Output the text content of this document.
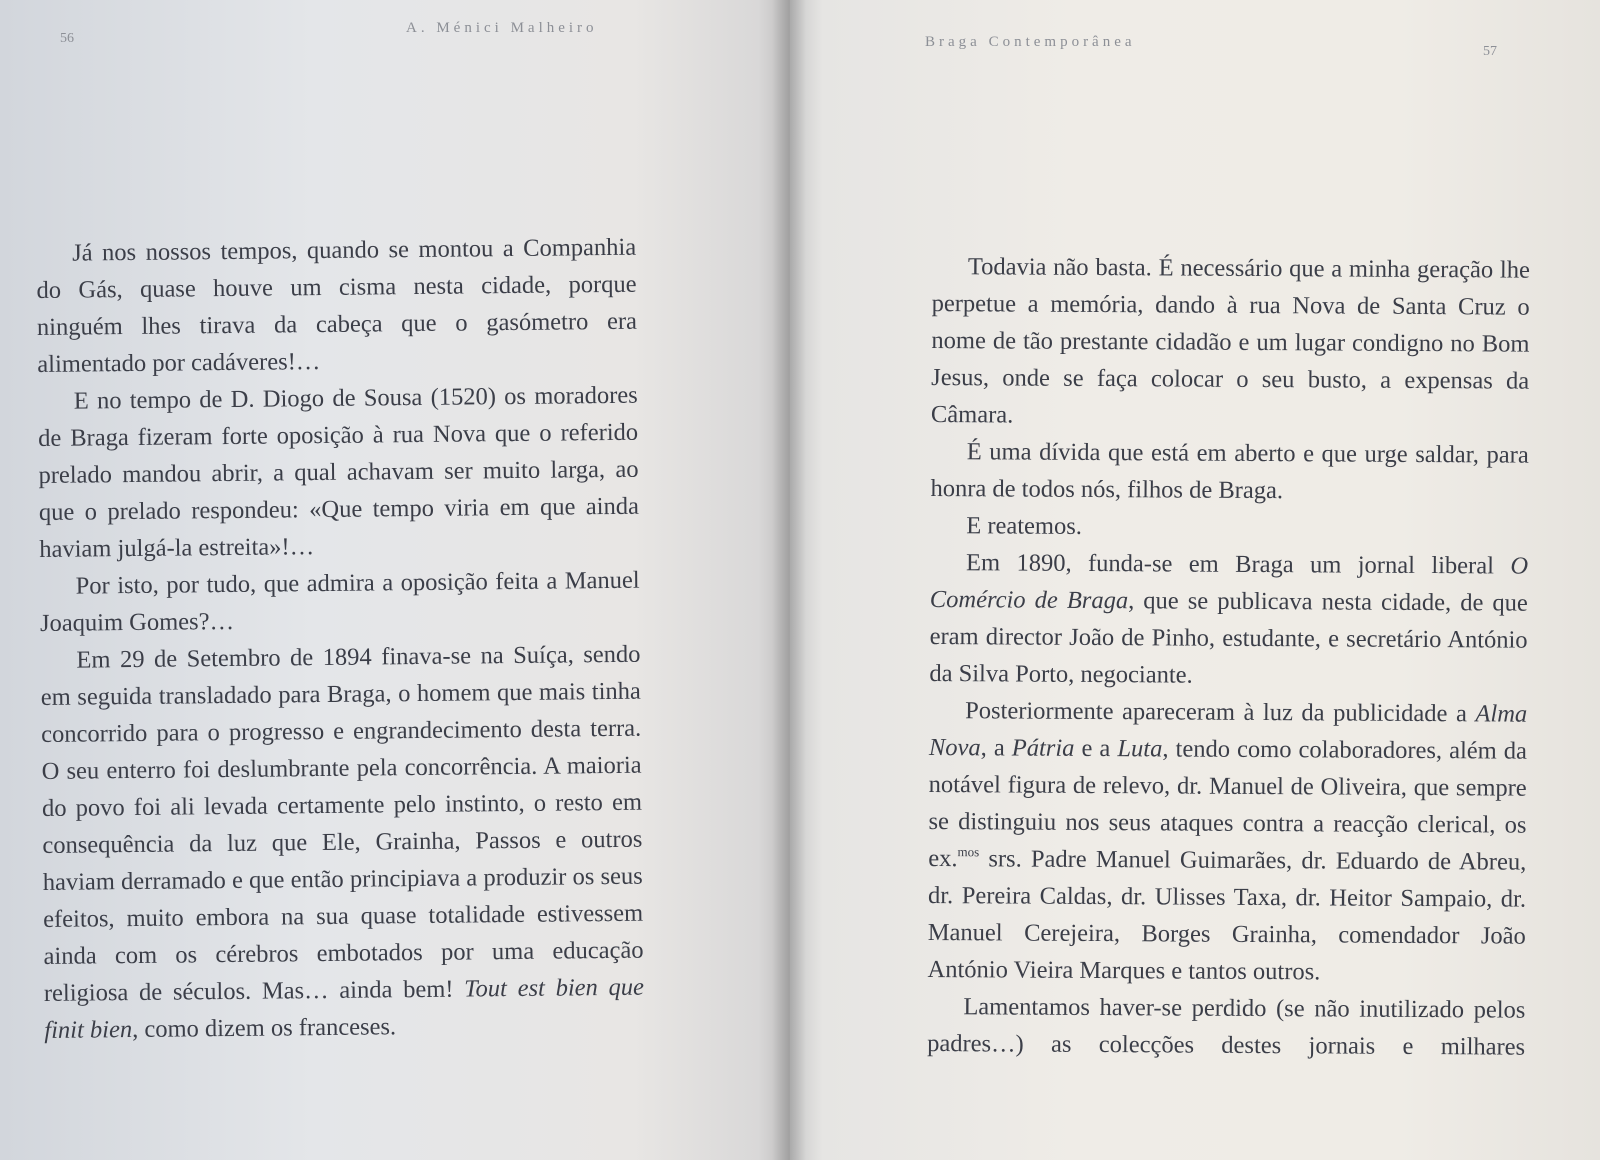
56
A. Ménici Malheiro

Já nos nossos tempos, quando se montou a Companhia do Gás, quase houve um cisma nesta cidade, porque ninguém lhes tirava da cabeça que o gasómetro era alimentado por cadáveres!…

E no tempo de D. Diogo de Sousa (1520) os moradores de Braga fizeram forte oposição à rua Nova que o referido prelado mandou abrir, a qual achavam ser muito larga, ao que o prelado respondeu: «Que tempo viria em que ainda haviam julgá-la estreita»!…

Por isto, por tudo, que admira a oposição feita a Manuel Joaquim Gomes?…

Em 29 de Setembro de 1894 finava-se na Suíça, sendo em seguida transladado para Braga, o homem que mais tinha concorrido para o progresso e engrandecimento desta terra. O seu enterro foi deslumbrante pela concorrência. A maioria do povo foi ali levada certamente pelo instinto, o resto em consequência da luz que Ele, Grainha, Passos e outros haviam derramado e que então principiava a produzir os seus efeitos, muito embora na sua quase totalidade estivessem ainda com os cérebros embotados por uma educação religiosa de séculos. Mas… ainda bem! Tout est bien que finit bien, como dizem os franceses.

Braga Contemporânea
57

Todavia não basta. É necessário que a minha geração lhe perpetue a memória, dando à rua Nova de Santa Cruz o nome de tão prestante cidadão e um lugar condigno no Bom Jesus, onde se faça colocar o seu busto, a expensas da Câmara.

É uma dívida que está em aberto e que urge saldar, para honra de todos nós, filhos de Braga.

E reatemos.

Em 1890, funda-se em Braga um jornal liberal O Comércio de Braga, que se publicava nesta cidade, de que eram director João de Pinho, estudante, e secretário António da Silva Porto, negociante.

Posteriormente apareceram à luz da publicidade a Alma Nova, a Pátria e a Luta, tendo como colaboradores, além da notável figura de relevo, dr. Manuel de Oliveira, que sempre se distinguiu nos seus ataques contra a reacção clerical, os ex.$^{mos}$ srs. Padre Manuel Guimarães, dr. Eduardo de Abreu, dr. Pereira Caldas, dr. Ulisses Taxa, dr. Heitor Sampaio, dr. Manuel Cerejeira, Borges Grainha, comendador João António Vieira Marques e tantos outros.

Lamentamos haver-se perdido (se não inutilizado pelos padres…) as colecções destes jornais e milhares
